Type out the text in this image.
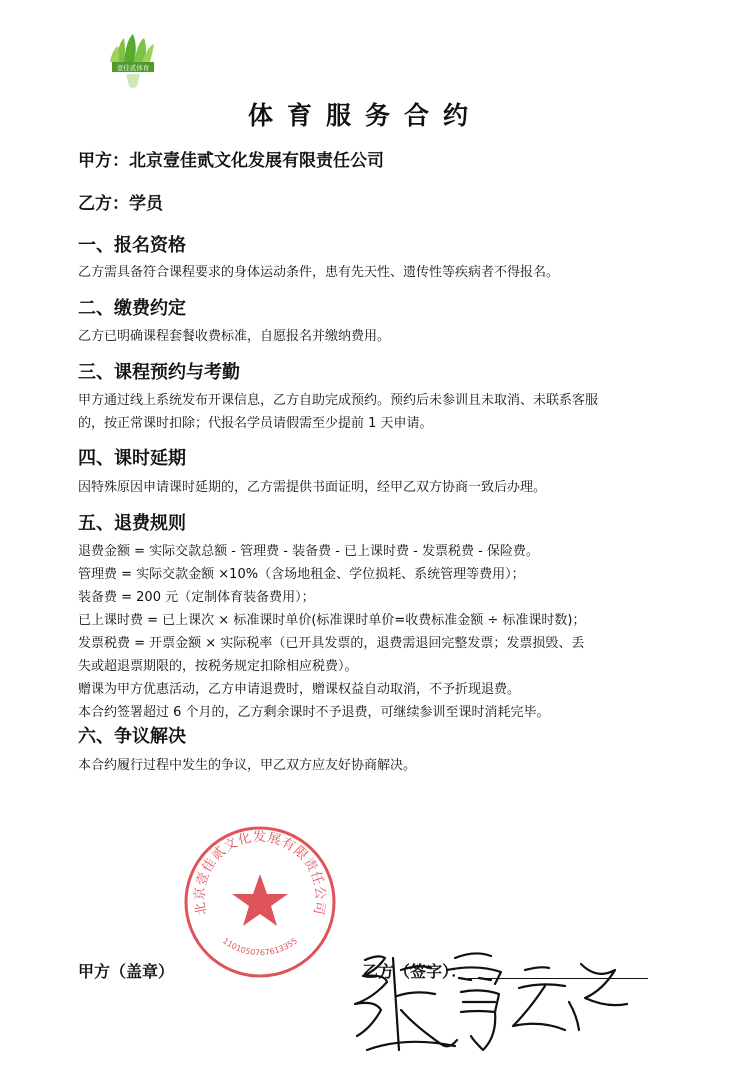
壹佳贰体育
体育服务合约
甲方：北京壹佳贰文化发展有限责任公司
乙方：学员
一、报名资格
乙方需具备符合课程要求的身体运动条件，患有先天性、遗传性等疾病者不得报名。
二、缴费约定
乙方已明确课程套餐收费标准，自愿报名并缴纳费用。
三、课程预约与考勤
甲方通过线上系统发布开课信息，乙方自助完成预约。预约后未参训且未取消、未联系客服
的，按正常课时扣除；代报名学员请假需至少提前 1 天申请。
四、课时延期
因特殊原因申请课时延期的，乙方需提供书面证明，经甲乙双方协商一致后办理。
五、退费规则
退费金额 = 实际交款总额 - 管理费 - 装备费 - 已上课时费 - 发票税费 - 保险费。
管理费 = 实际交款金额 ×10%（含场地租金、学位损耗、系统管理等费用）；
装备费 = 200 元（定制体育装备费用）；
已上课时费 = 已上课次 × 标准课时单价(标准课时单价=收费标准金额 ÷ 标准课时数)；
发票税费 = 开票金额 × 实际税率（已开具发票的，退费需退回完整发票；发票损毁、丢
失或超退票期限的，按税务规定扣除相应税费）。
赠课为甲方优惠活动，乙方申请退费时，赠课权益自动取消，不予折现退费。
本合约签署超过 6 个月的，乙方剩余课时不予退费，可继续参训至课时消耗完毕。
六、争议解决
本合约履行过程中发生的争议，甲乙双方应友好协商解决。
北京壹佳贰文化发展有限责任公司
1101050767613355
甲方（盖章）	乙方（签字）：
